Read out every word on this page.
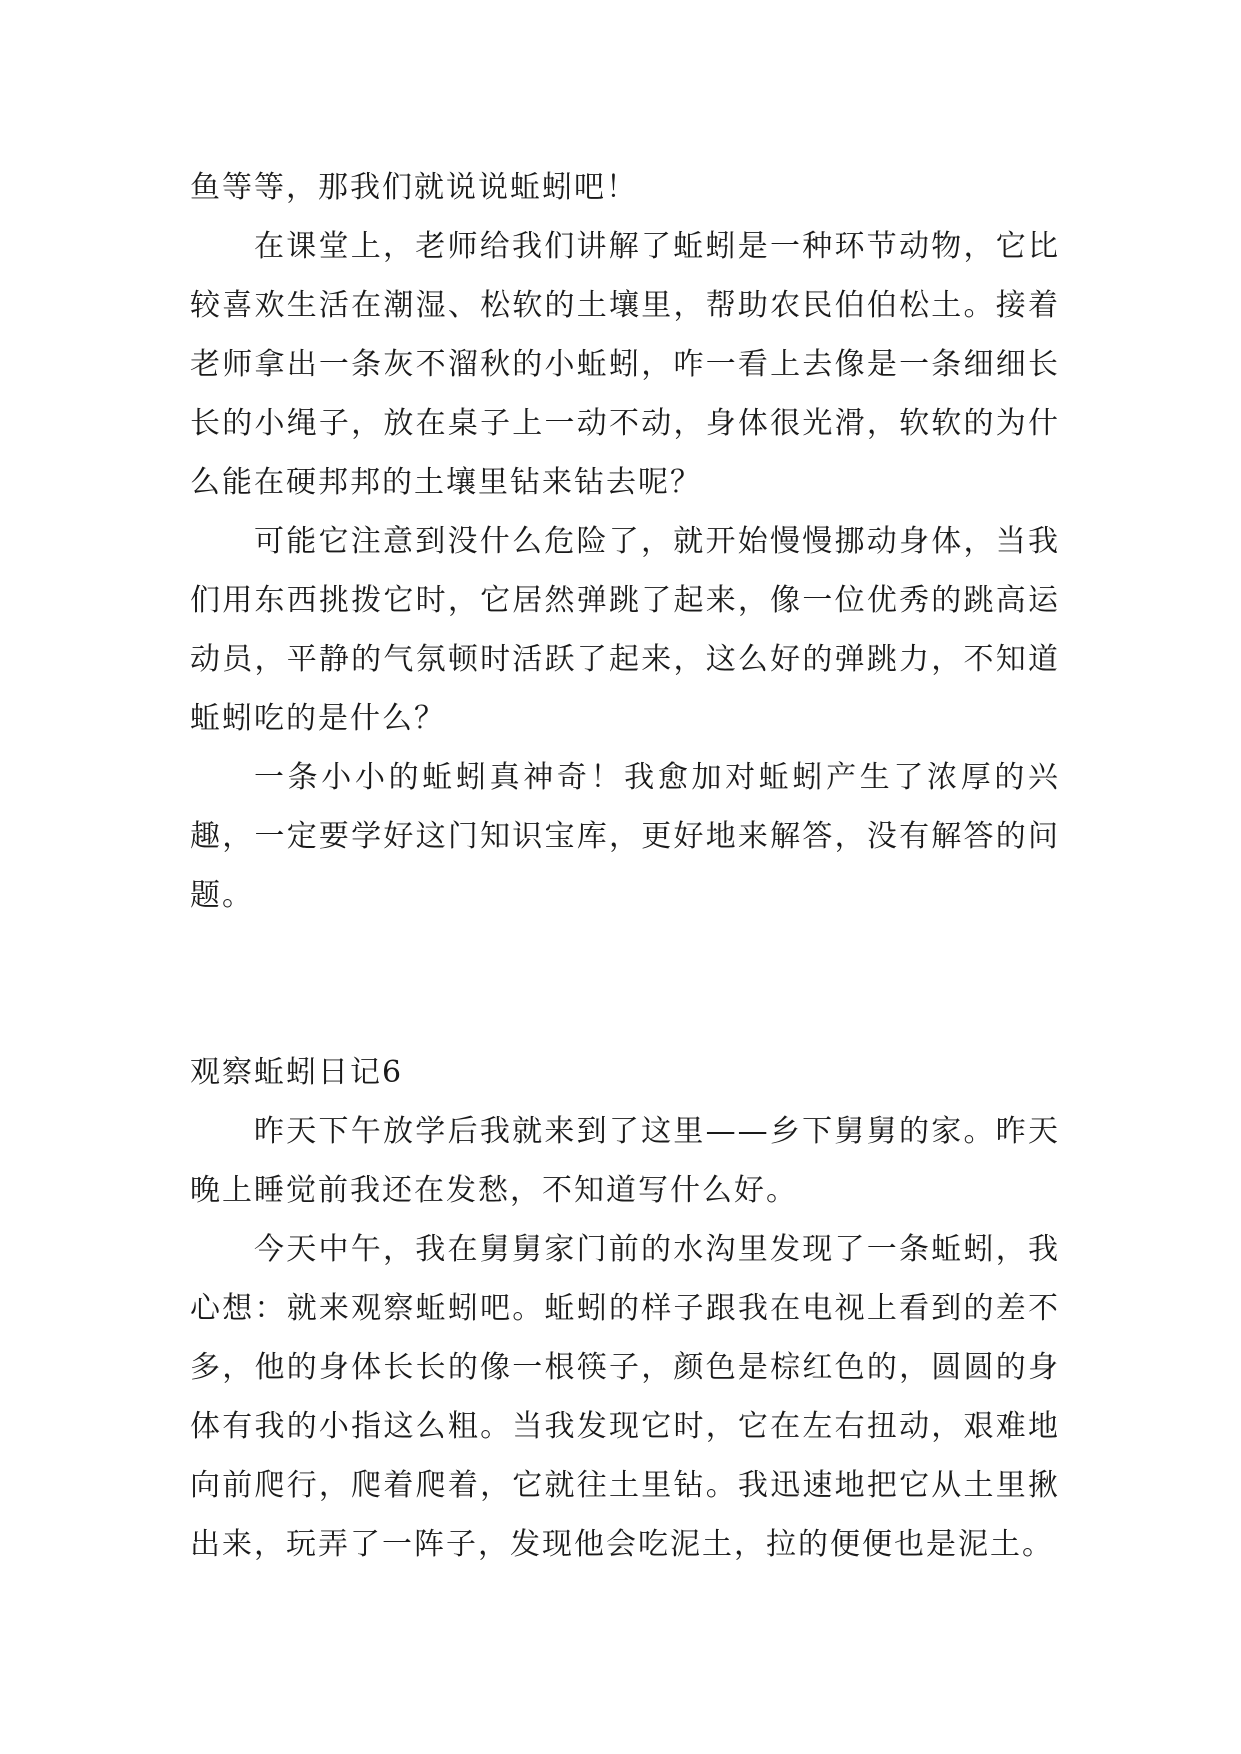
鱼等等，那我们就说说蚯蚓吧！

在课堂上，老师给我们讲解了蚯蚓是一种环节动物，它比较喜欢生活在潮湿、松软的土壤里，帮助农民伯伯松土。接着老师拿出一条灰不溜秋的小蚯蚓，咋一看上去像是一条细细长长的小绳子，放在桌子上一动不动，身体很光滑，软软的为什么能在硬邦邦的土壤里钻来钻去呢？

可能它注意到没什么危险了，就开始慢慢挪动身体，当我们用东西挑拨它时，它居然弹跳了起来，像一位优秀的跳高运动员，平静的气氛顿时活跃了起来，这么好的弹跳力，不知道蚯蚓吃的是什么？

一条小小的蚯蚓真神奇！我愈加对蚯蚓产生了浓厚的兴趣，一定要学好这门知识宝库，更好地来解答，没有解答的问题。

观察蚯蚓日记6

昨天下午放学后我就来到了这里——乡下舅舅的家。昨天晚上睡觉前我还在发愁，不知道写什么好。

今天中午，我在舅舅家门前的水沟里发现了一条蚯蚓，我心想：就来观察蚯蚓吧。蚯蚓的样子跟我在电视上看到的差不多，他的身体长长的像一根筷子，颜色是棕红色的，圆圆的身体有我的小指这么粗。当我发现它时，它在左右扭动，艰难地向前爬行，爬着爬着，它就往土里钻。我迅速地把它从土里揪出来，玩弄了一阵子，发现他会吃泥土，拉的便便也是泥土。
